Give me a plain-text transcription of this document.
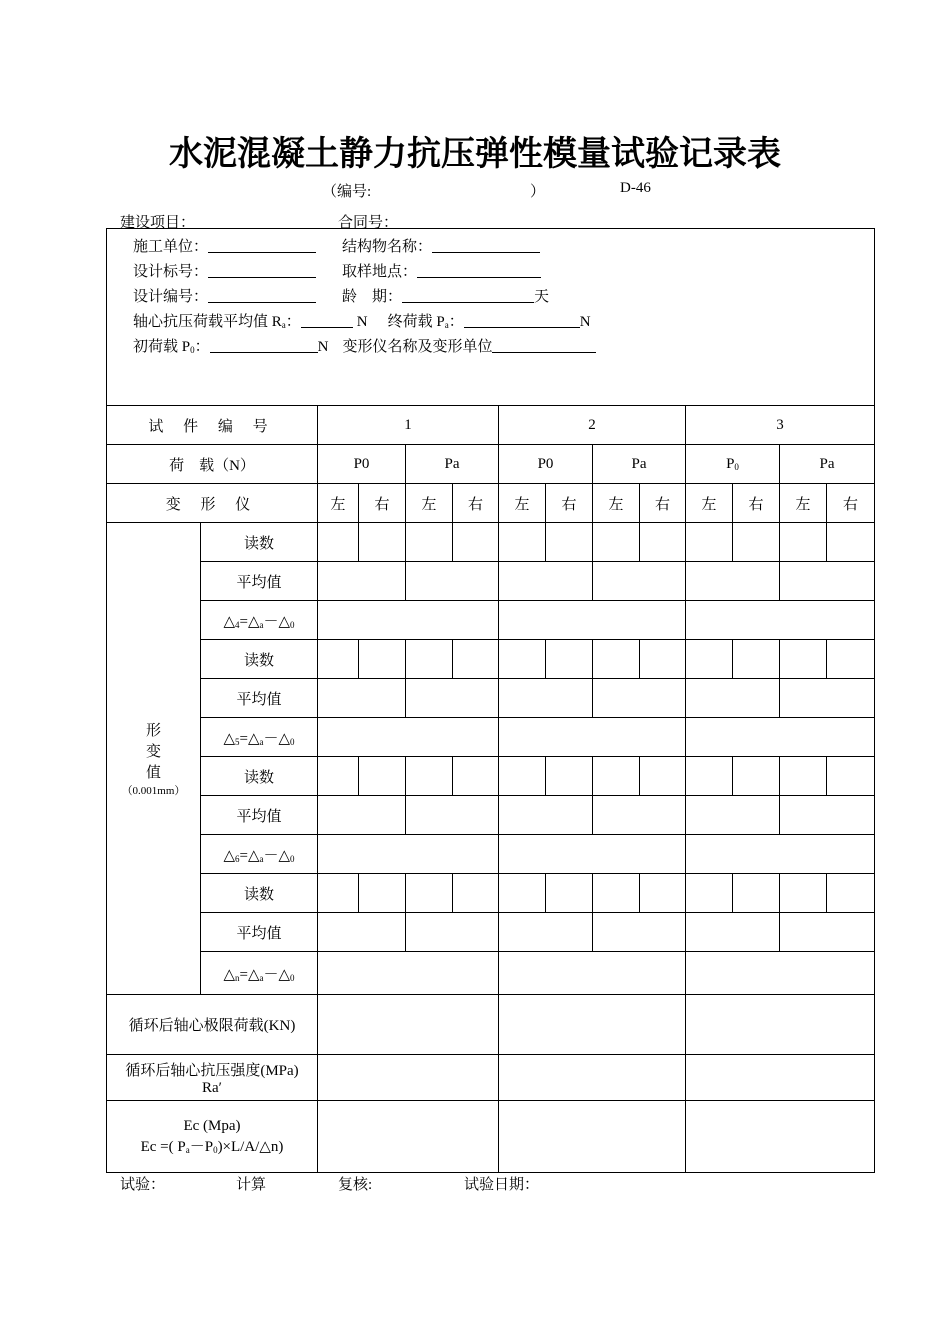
水泥混凝土静力抗压弹性模量试验记录表
（编号:	）	D-46
建设项目：	合同号：
施工单位： 结构物名称：
设计标号： 取样地点：
设计编号： 龄　期： 天
轴心抗压荷载平均值 $R_a$： N 终荷载 $P_a$： N
初荷载 $P_0$： N 变形仪名称及变形单位													

试 件 编 号		1				2				3			
荷　载（N）		P0		Pa		P0		Pa		$P_0$		Pa	
变 形 仪		左	右	左	右	左	右	左	右	左	右	左	右

形
变
值
（0.001mm）	读数												
	平均值												
	$\triangle_4=\triangle_a-\triangle_0$			
	读数												
	平均值												
	$\triangle_5=\triangle_a-\triangle_0$			
	读数												
	平均值												
	$\triangle_6=\triangle_a-\triangle_0$			
	读数												
	平均值												
	$\triangle_n=\triangle_a-\triangle_0$			
循环后轴心极限荷载(KN)													

循环后轴心抗压强度(MPa)
Ra′													

Ec (Mpa)
Ec =( $P_a-P_0)\times L/A/\triangle n$)													

试验：	计算	复核:	试验日期：
